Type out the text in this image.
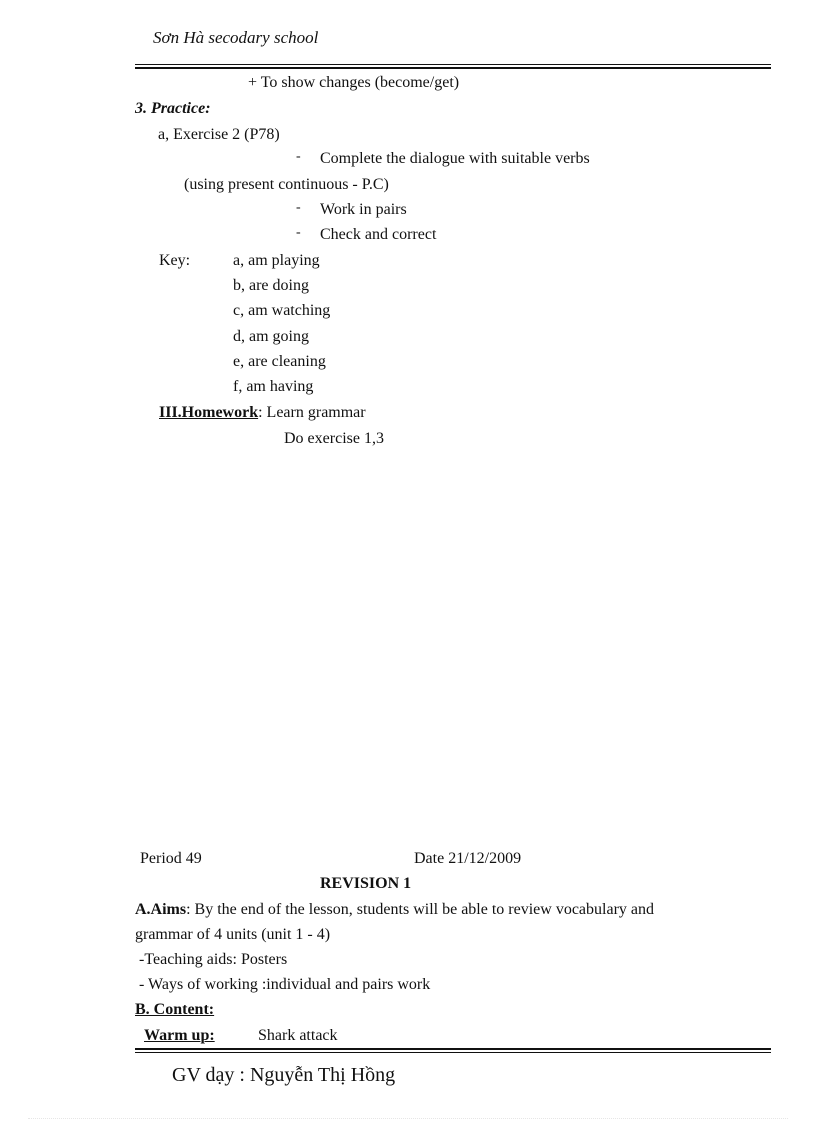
Sơn Hà secodary school
+ To show changes (become/get)
3. Practice:
a, Exercise 2 (P78)
- Complete the dialogue with suitable verbs
(using present continuous - P.C)
- Work in pairs
- Check and correct
Key:	a, am playing
b, are doing
c, am watching
d, am going
e, are cleaning
f, am having
III.Homework: Learn grammar
Do exercise 1,3
Period 49	Date 21/12/2009
REVISION 1
A.Aims: By the end of the lesson, students will be able to review vocabulary and
grammar of 4 units (unit 1 - 4)
-Teaching aids: Posters
- Ways of working :individual and pairs work
B. Content:
Warm up:	Shark attack
GV dạy : Nguyễn Thị Hồng
